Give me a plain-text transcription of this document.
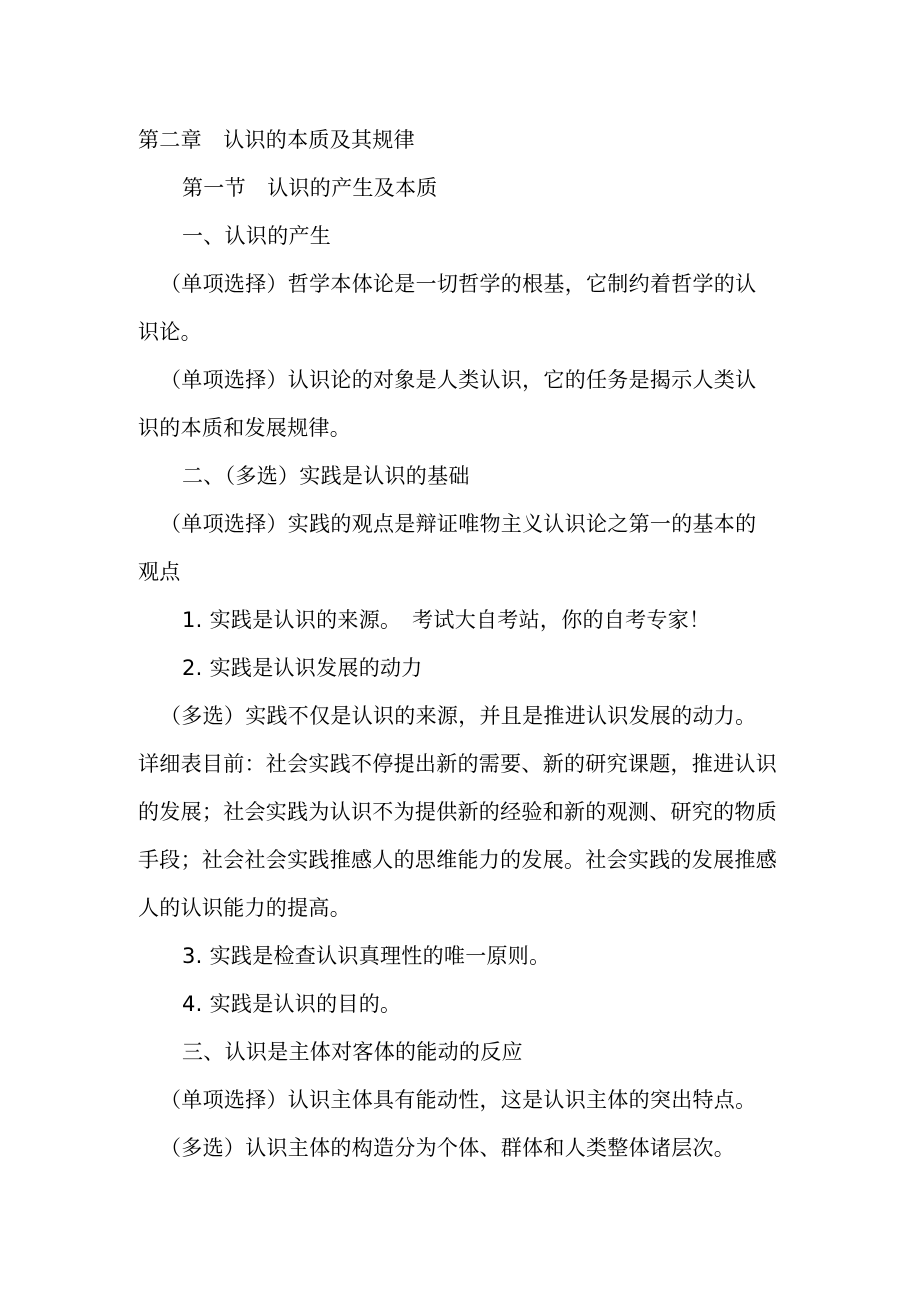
第二章　认识的本质及其规律
第一节　认识的产生及本质
一、认识的产生
（单项选择）哲学本体论是一切哲学的根基，它制约着哲学的认
识论。
（单项选择）认识论的对象是人类认识，它的任务是揭示人类认
识的本质和发展规律。
二、（多选）实践是认识的基础
（单项选择）实践的观点是辩证唯物主义认识论之第一的基本的
观点
1. 实践是认识的来源。　考试大自考站，你的自考专家！
2. 实践是认识发展的动力
（多选）实践不仅是认识的来源，并且是推进认识发展的动力。
详细表目前：社会实践不停提出新的需要、新的研究课题，推进认识
的发展；社会实践为认识不为提供新的经验和新的观测、研究的物质
手段；社会社会实践推感人的思维能力的发展。社会实践的发展推感
人的认识能力的提高。
3. 实践是检查认识真理性的唯一原则。
4. 实践是认识的目的。
三、认识是主体对客体的能动的反应
（单项选择）认识主体具有能动性，这是认识主体的突出特点。
（多选）认识主体的构造分为个体、群体和人类整体诸层次。
